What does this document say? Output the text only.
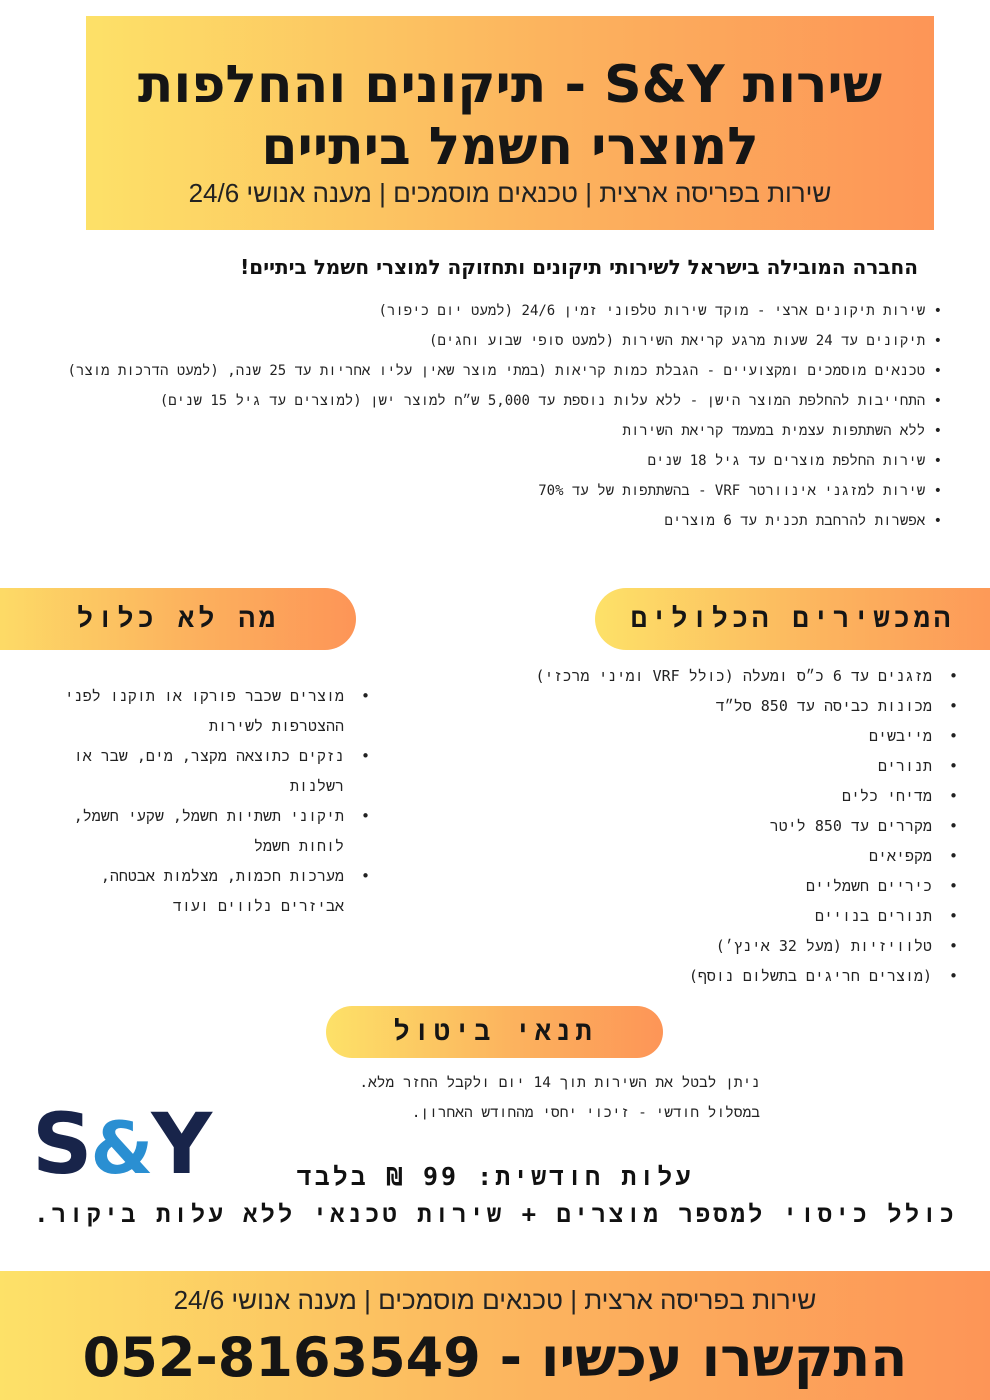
שירות S&Y - תיקונים והחלפות
למוצרי חשמל ביתיים
שירות בפריסה ארצית | טכנאים מוסמכים | מענה אנושי 24/6
החברה המובילה בישראל לשירותי תיקונים ותחזוקה למוצרי חשמל ביתיים!
• שירות תיקונים ארצי - מוקד שירות טלפוני זמין 24/6 (למעט יום כיפור)
• תיקונים עד 24 שעות מרגע קריאת השירות (למעט סופי שבוע וחגים)
• טכנאים מוסמכים ומקצועיים - הגבלת כמות קריאות (במתי מוצר שאין עליו אחריות עד 25 שנה, (למעט הדרכות מוצר)
• התחייבות להחלפת המוצר הישן - ללא עלות נוספת עד 5,000 ש״ח למוצר ישן (למוצרים עד גיל 15 שנים)
• ללא השתתפות עצמית במעמד קריאת השירות
• שירות החלפת מוצרים עד גיל 18 שנים
• שירות למזגני אינוורטר VRF - בהשתתפות של עד 70%
• אפשרות להרחבת תכנית עד 6 מוצרים
המכשירים הכלולים
מה לא כלול
• מזגנים עד 6 כ״ס ומעלה (כולל VRF ומיני מרכזי)
• מכונות כביסה עד 850 סל״ד
• מייבשים
• תנורים
• מדיחי כלים
• מקררים עד 850 ליטר
• מקפיאים
• כיריים חשמליים
• תנורים בנויים
• טלוויזיות (מעל 32 אינץ׳)
• (מוצרים חריגים בתשלום נוסף)
• מוצרים שכבר פורקו או תוקנו לפני ההצטרפות לשירות
• נזקים כתוצאה מקצר, מים, שבר או רשלנות
• תיקוני תשתיות חשמל, שקעי חשמל, לוחות חשמל
• מערכות חכמות, מצלמות אבטחה, אביזרים נלווים ועוד
תנאי ביטול

ניתן לבטל את השירות תוך 14 יום ולקבל החזר מלא.

במסלול חודשי - זיכוי יחסי מהחודש האחרון.

S&Y	עלות חודשית: 99 ₪ בלבד

כולל כיסוי למספר מוצרים + שירות טכנאי ללא עלות ביקור.

שירות בפריסה ארצית | טכנאים מוסמכים | מענה אנושי 24/6

התקשרו עכשיו - 052-8163549
